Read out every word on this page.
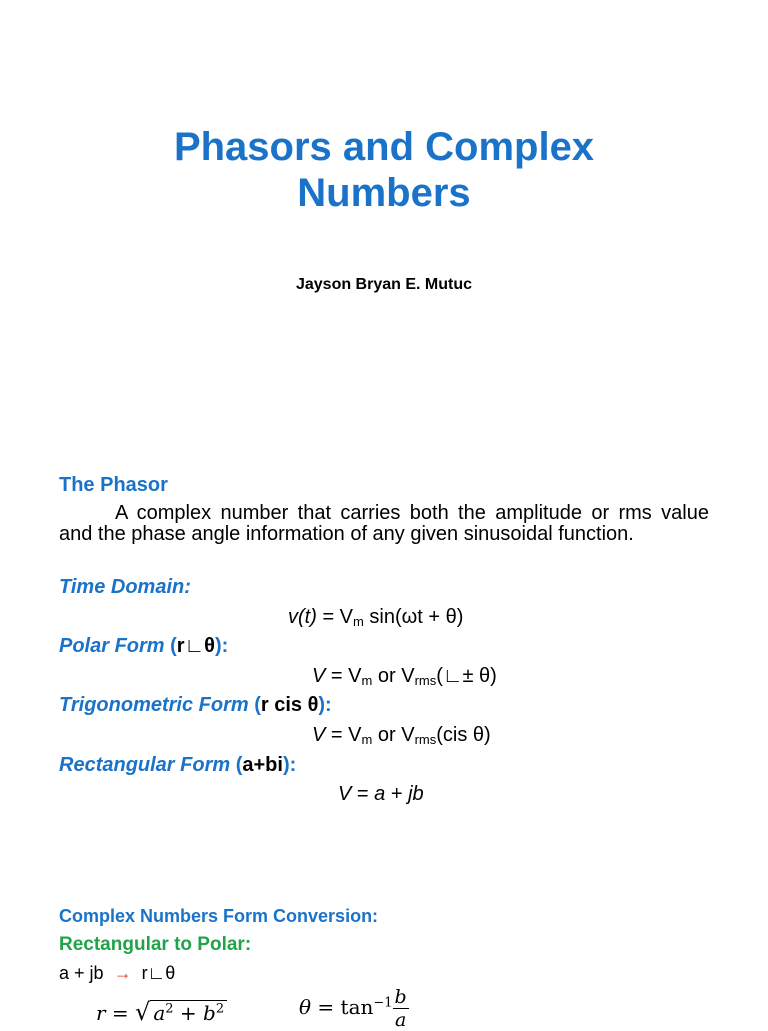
Phasors and Complex
Numbers
Jayson Bryan E. Mutuc
The Phasor
A complex number that carries both the amplitude or rms value and the phase angle information of any given sinusoidal function.
Time Domain:
$v(t) = V_m$ sin(ωt + θ)
Polar Form (r∟θ):
$V = V_m$ or $V_{rms}(∟\pm \theta)$
Trigonometric Form (r cis θ):
$V = V_m$ or $V_{rms}(cis$ θ)
Rectangular Form (a+bi):
V = a + jb
Complex Numbers Form Conversion:
Rectangular to Polar:
a + jb → r∟θ
r = √ $a^2 + b^2$	$\theta = \tan^{-1} \frac{b}{a}$
